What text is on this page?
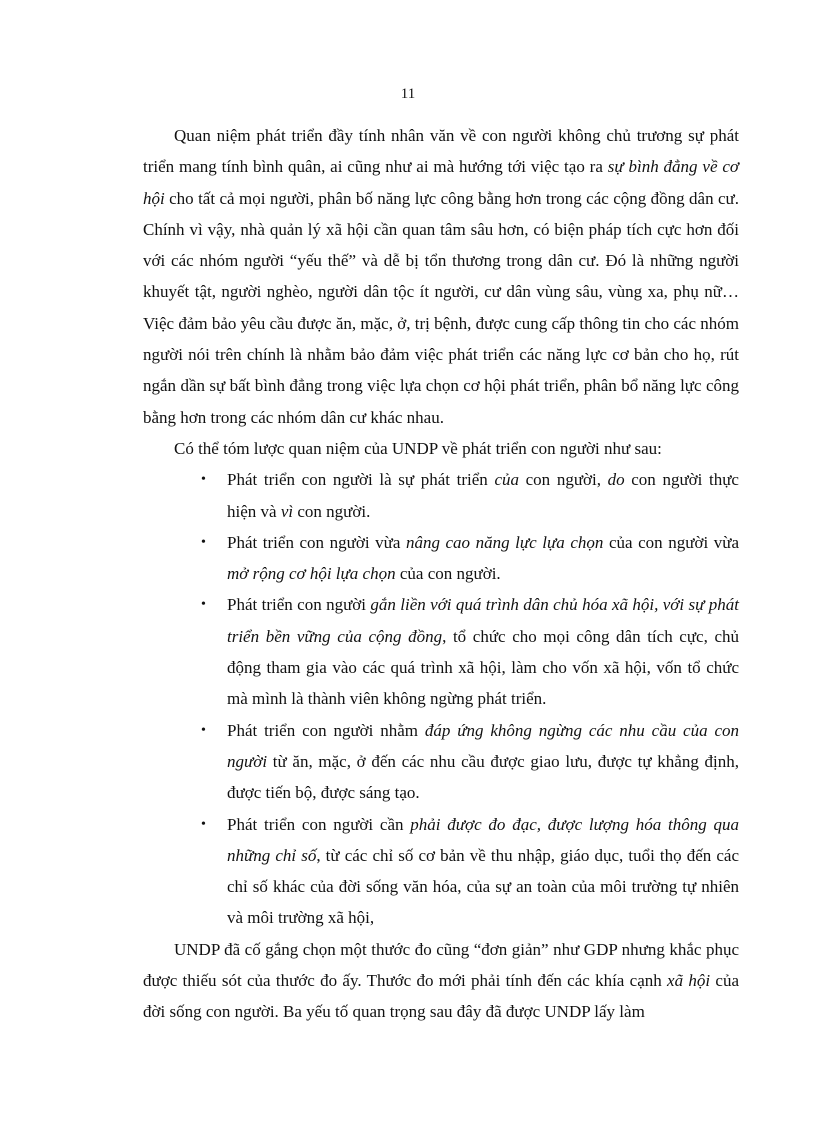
11

Quan niệm phát triển đầy tính nhân văn về con người không chủ trương sự phát triển mang tính bình quân, ai cũng như ai mà hướng tới việc tạo ra sự bình đẳng về cơ hội cho tất cả mọi người, phân bố năng lực công bằng hơn trong các cộng đồng dân cư. Chính vì vậy, nhà quản lý xã hội cần quan tâm sâu hơn, có biện pháp tích cực hơn đối với các nhóm người “yếu thế” và dễ bị tổn thương trong dân cư. Đó là những người khuyết tật, người nghèo, người dân tộc ít người, cư dân vùng sâu, vùng xa, phụ nữ… Việc đảm bảo yêu cầu được ăn, mặc, ở, trị bệnh, được cung cấp thông tin cho các nhóm người nói trên chính là nhằm bảo đảm việc phát triển các năng lực cơ bản cho họ, rút ngắn dần sự bất bình đẳng trong việc lựa chọn cơ hội phát triển, phân bổ năng lực công bằng hơn trong các nhóm dân cư khác nhau.

Có thể tóm lược quan niệm của UNDP về phát triển con người như sau:

• Phát triển con người là sự phát triển của con người, do con người thực hiện và vì con người.
• Phát triển con người vừa nâng cao năng lực lựa chọn của con người vừa mở rộng cơ hội lựa chọn của con người.
• Phát triển con người gắn liền với quá trình dân chủ hóa xã hội, với sự phát triển bền vững của cộng đồng, tổ chức cho mọi công dân tích cực, chủ động tham gia vào các quá trình xã hội, làm cho vốn xã hội, vốn tổ chức mà mình là thành viên không ngừng phát triển.
• Phát triển con người nhằm đáp ứng không ngừng các nhu cầu của con người từ ăn, mặc, ở đến các nhu cầu được giao lưu, được tự khẳng định, được tiến bộ, được sáng tạo.
• Phát triển con người cần phải được đo đạc, được lượng hóa thông qua những chỉ số, từ các chỉ số cơ bản về thu nhập, giáo dục, tuổi thọ đến các chỉ số khác của đời sống văn hóa, của sự an toàn của môi trường tự nhiên và môi trường xã hội,

UNDP đã cố gắng chọn một thước đo cũng “đơn giản” như GDP nhưng khắc phục được thiếu sót của thước đo ấy. Thước đo mới phải tính đến các khía cạnh xã hội của đời sống con người. Ba yếu tố quan trọng sau đây đã được UNDP lấy làm
